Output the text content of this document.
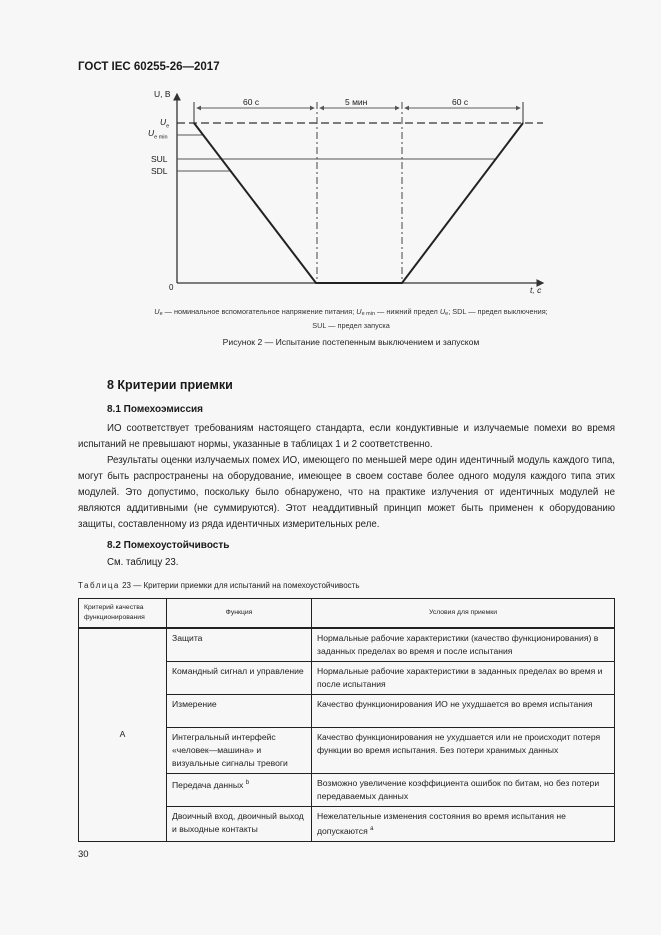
ГОСТ IEC 60255-26—2017
U, В
t, с
0
$U_e$
$U_{e min}$
SUL
SDL
60 с	5 мин	60 с
$U_e$ — номинальное вспомогательное напряжение питания; $U_{e min}$ — нижний предел $U_e$; SDL — предел выключения;
SUL — предел запуска
Рисунок 2 — Испытание постепенным выключением и запуском
8 Критерии приемки
8.1 Помехоэмиссия
ИО соответствует требованиям настоящего стандарта, если кондуктивные и излучаемые помехи во время испытаний не превышают нормы, указанные в таблицах 1 и 2 соответственно.
Результаты оценки излучаемых помех ИО, имеющего по меньшей мере один идентичный модуль каждого типа, могут быть распространены на оборудование, имеющее в своем составе более одного модуля каждого типа этих модулей. Это допустимо, поскольку было обнаружено, что на практике излучения от идентичных модулей не являются аддитивными (не суммируются). Этот неаддитивный принцип может быть применен к оборудованию защиты, составленному из ряда идентичных измерительных реле.
8.2 Помехоустойчивость
См. таблицу 23.
Таблица 23 — Критерии приемки для испытаний на помехоустойчивость
Критерий качества функционирования	Функция	Условия для приемки
А	Защита	Нормальные рабочие характеристики (качество функционирования) в заданных пределах во время и после испытания
	Командный сигнал и управление	Нормальные рабочие характеристики в заданных пределах во время и после испытания
	Измерение	Качество функционирования ИО не ухудшается во время испытания
	Интегральный интерфейс «человек—машина» и визуальные сигналы тревоги	Качество функционирования не ухудшается или не происходит потеря функции во время испытания. Без потери хранимых данных
	Передача данных $^b$	Возможно увеличение коэффициента ошибок по битам, но без потери передаваемых данных
	Двоичный вход, двоичный выход и выходные контакты	Нежелательные изменения состояния во время испытания не допускаются $^a$
30
